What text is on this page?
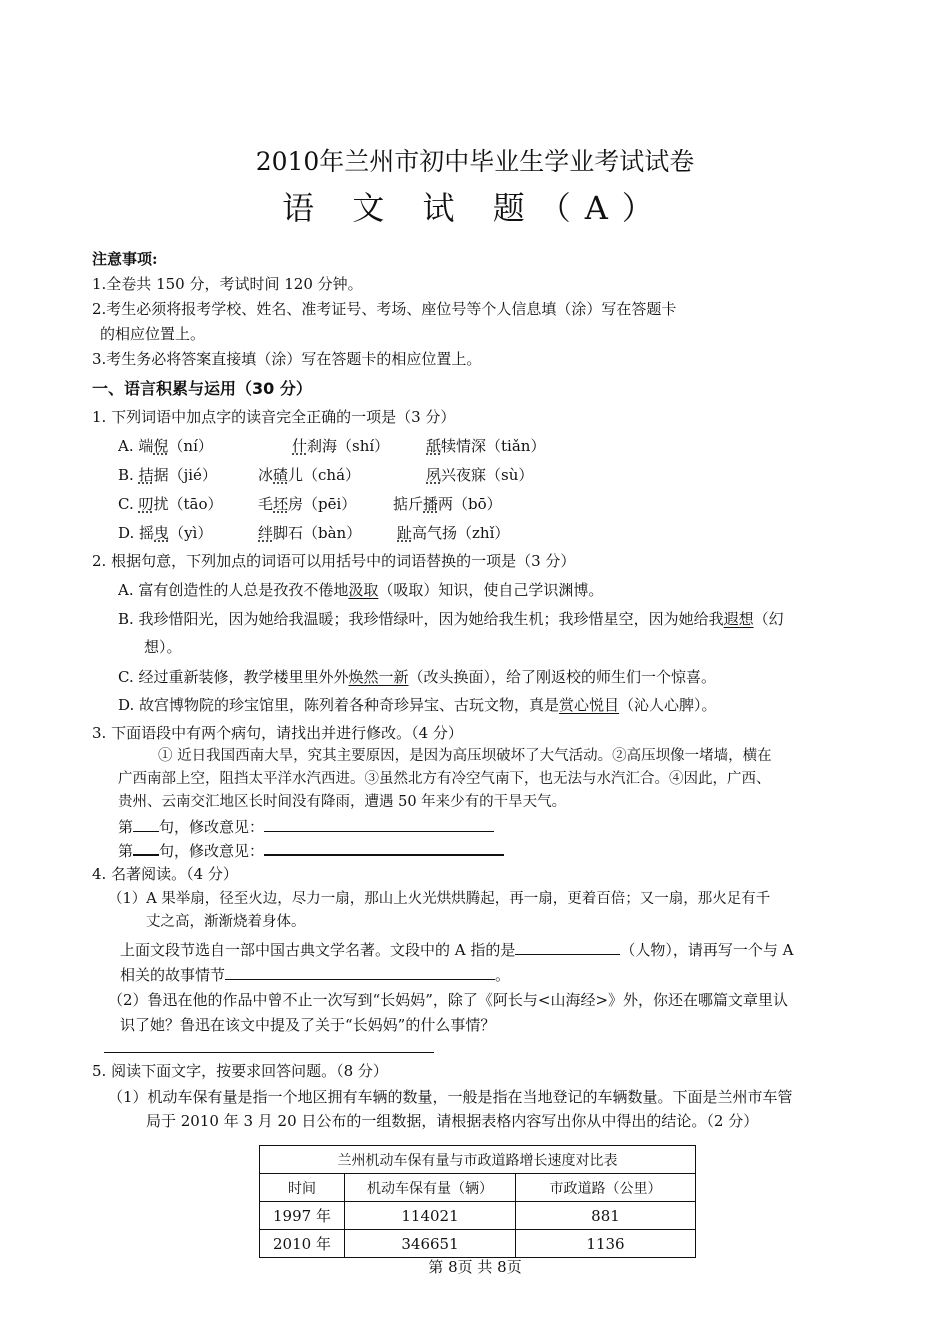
2010年兰州市初中毕业生学业考试试卷
语 文 试 题（A）
注意事项:
1.全卷共 150 分，考试时间 120 分钟。
2.考生必须将报考学校、姓名、准考证号、考场、座位号等个人信息填（涂）写在答题卡
的相应位置上。
3.考生务必将答案直接填（涂）写在答题卡的相应位置上。
一、语言积累与运用（30 分）
1. 下列词语中加点字的读音完全正确的一项是（3 分）
A. 端倪（ní）	什刹海（shí） 舐犊情深（tiǎn）
B. 拮据（jié）	冰碴儿（chá）	夙兴夜寐（sù）
C. 叨扰（tāo） 毛坯房（pēi） 掂斤播两（bō）
D. 摇曳（yì）	绊脚石（bàn） 趾高气扬（zhǐ）
2. 根据句意，下列加点的词语可以用括号中的词语替换的一项是（3 分）
A. 富有创造性的人总是孜孜不倦地汲取（吸取）知识，使自己学识渊博。
B. 我珍惜阳光，因为她给我温暖；我珍惜绿叶，因为她给我生机；我珍惜星空，因为她给我遐想（幻
想）。
C. 经过重新装修，教学楼里里外外焕然一新（改头换面），给了刚返校的师生们一个惊喜。
D. 故宫博物院的珍宝馆里，陈列着各种奇珍异宝、古玩文物，真是赏心悦目（沁人心脾）。
3. 下面语段中有两个病句，请找出并进行修改。（4 分）
① 近日我国西南大旱，究其主要原因，是因为高压坝破坏了大气活动。②高压坝像一堵墙，横在
广西南部上空，阻挡太平洋水汽西进。③虽然北方有冷空气南下，也无法与水汽汇合。④因此，广西、
贵州、云南交汇地区长时间没有降雨，遭遇 50 年来少有的干旱天气。
第 句，修改意见：
第 句，修改意见：
4. 名著阅读。（4 分）
（1）A 果举扇，径至火边，尽力一扇，那山上火光烘烘腾起，再一扇，更着百倍；又一扇，那火足有千
丈之高，渐渐烧着身体。
上面文段节选自一部中国古典文学名著。文段中的 A 指的是	（人物），请再写一个与 A
相关的故事情节	。
（2）鲁迅在他的作品中曾不止一次写到“长妈妈”，除了《阿长与<山海经>》外，你还在哪篇文章里认
识了她？鲁迅在该文中提及了关于“长妈妈”的什么事情？
5. 阅读下面文字，按要求回答问题。（8 分）
（1）机动车保有量是指一个地区拥有车辆的数量，一般是指在当地登记的车辆数量。下面是兰州市车管
局于 2010 年 3 月 20 日公布的一组数据，请根据表格内容写出你从中得出的结论。（2 分）
兰州机动车保有量与市政道路增长速度对比表		
时间	机动车保有量（辆）	市政道路（公里）
1997 年	114021	881
2010 年	346651	1136
第 8页 共 8页
